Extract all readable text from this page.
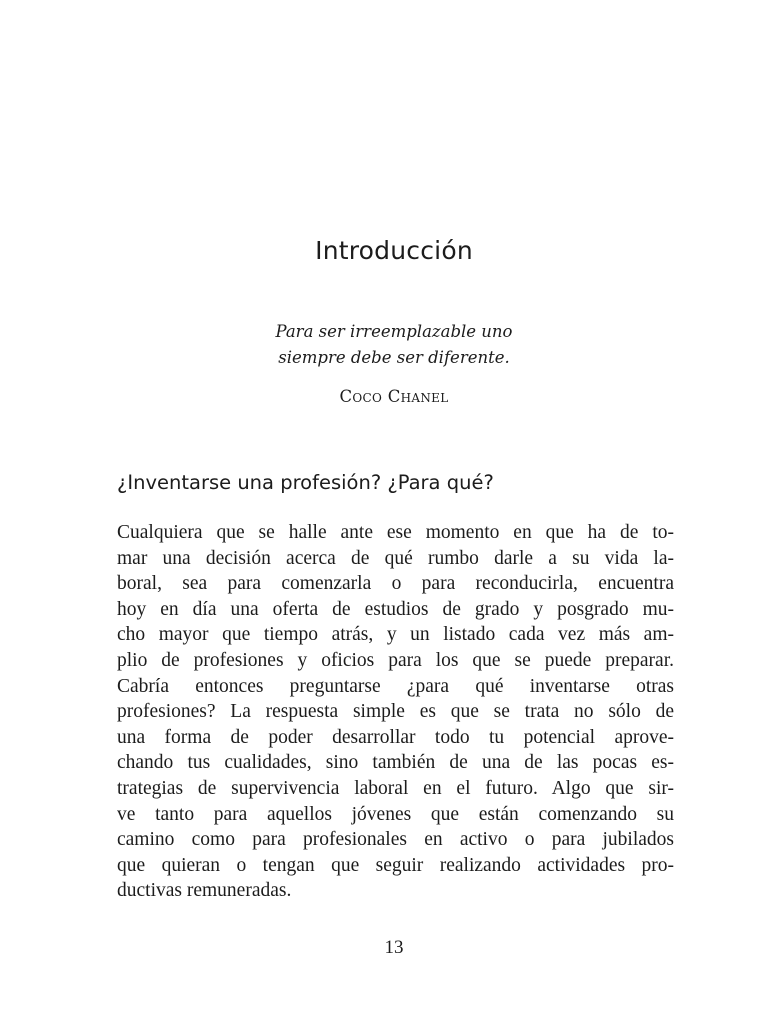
Introducción
Para ser irreemplazable uno
siempre debe ser diferente.

Coco Chanel

¿Inventarse una profesión? ¿Para qué?
Cualquiera que se halle ante ese momento en que ha de to-
mar una decisión acerca de qué rumbo darle a su vida la-
boral, sea para comenzarla o para reconducirla, encuentra
hoy en día una oferta de estudios de grado y posgrado mu-
cho mayor que tiempo atrás, y un listado cada vez más am-
plio de profesiones y oficios para los que se puede preparar.
Cabría entonces preguntarse ¿para qué inventarse otras
profesiones? La respuesta simple es que se trata no sólo de
una forma de poder desarrollar todo tu potencial aprove-
chando tus cualidades, sino también de una de las pocas es-
trategias de supervivencia laboral en el futuro. Algo que sir-
ve tanto para aquellos jóvenes que están comenzando su
camino como para profesionales en activo o para jubilados
que quieran o tengan que seguir realizando actividades pro-
ductivas remuneradas.

13
